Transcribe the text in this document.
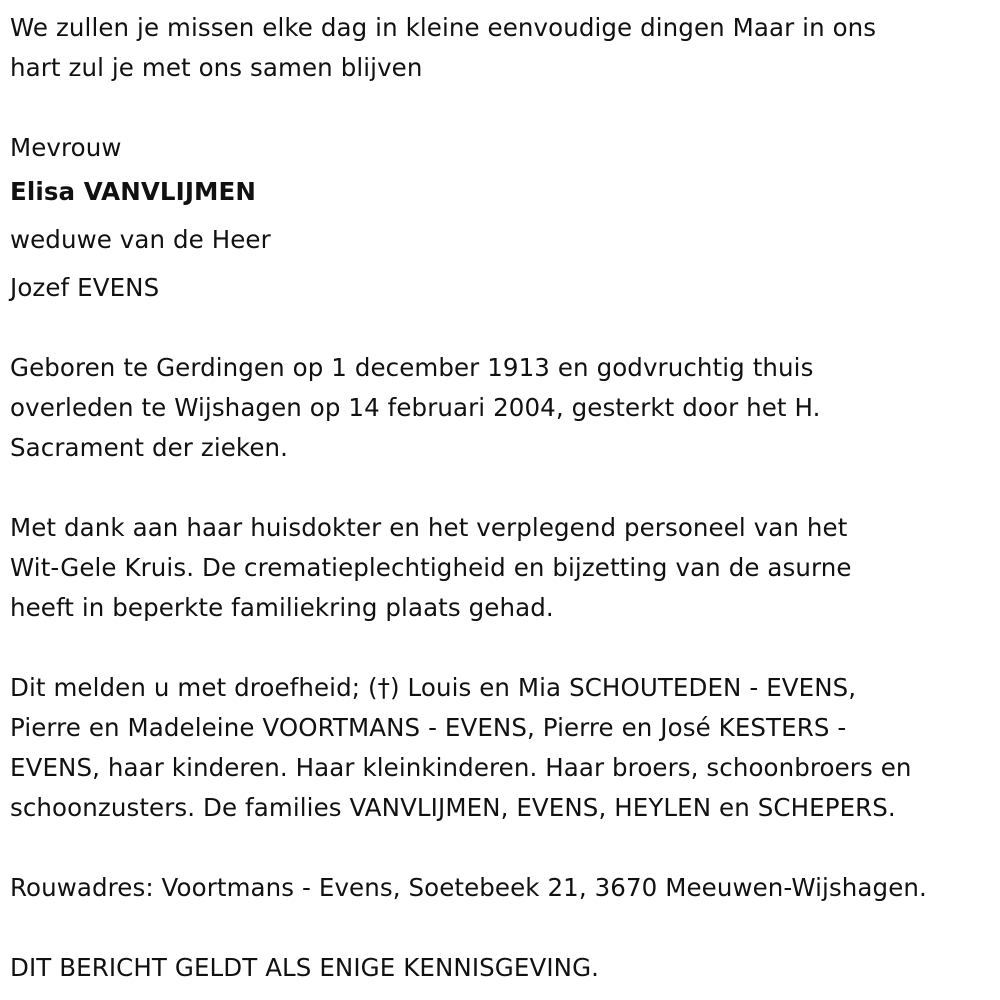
We zullen je missen elke dag in kleine eenvoudige dingen Maar in ons

hart zul je met ons samen blijven

Mevrouw

Elisa VANVLIJMEN

weduwe van de Heer

Jozef EVENS

Geboren te Gerdingen op 1 december 1913 en godvruchtig thuis

overleden te Wijshagen op 14 februari 2004, gesterkt door het H.

Sacrament der zieken.

Met dank aan haar huisdokter en het verplegend personeel van het

Wit-Gele Kruis. De crematieplechtigheid en bijzetting van de asurne

heeft in beperkte familiekring plaats gehad.

Dit melden u met droefheid; (†) Louis en Mia SCHOUTEDEN - EVENS,

Pierre en Madeleine VOORTMANS - EVENS, Pierre en José KESTERS -

EVENS, haar kinderen. Haar kleinkinderen. Haar broers, schoonbroers en

schoonzusters. De families VANVLIJMEN, EVENS, HEYLEN en SCHEPERS.

Rouwadres: Voortmans - Evens, Soetebeek 21, 3670 Meeuwen-Wijshagen.

DIT BERICHT GELDT ALS ENIGE KENNISGEVING.
